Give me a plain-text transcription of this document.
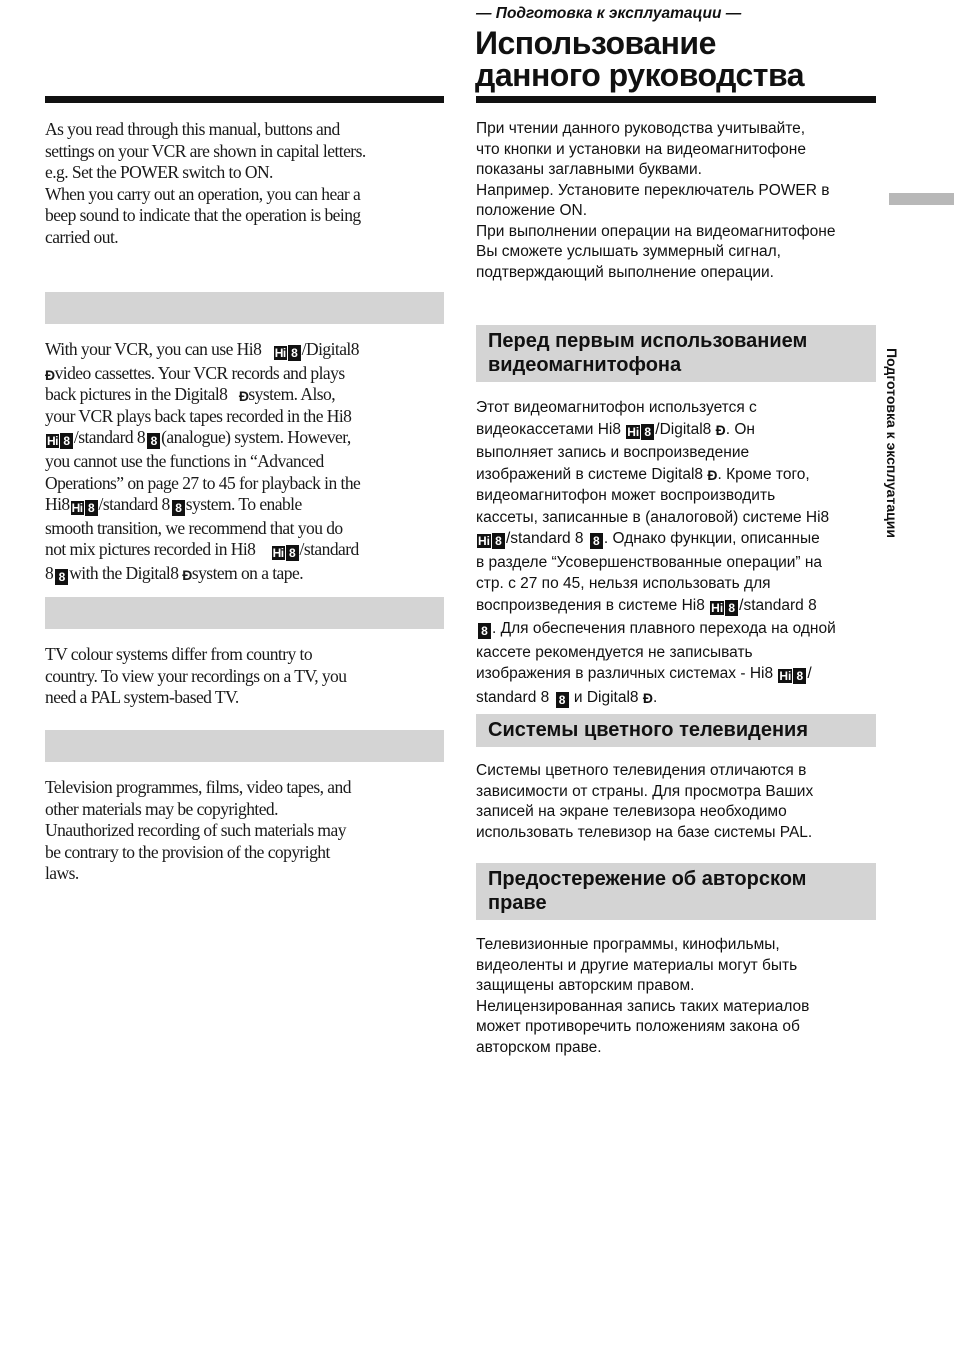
— Подготовка к эксплуатации —
Использование
данного руководства
Подготовка к эксплуатации

As you read through this manual, buttons and

settings on your VCR are shown in capital letters.

e.g. Set the POWER switch to ON.

When you carry out an operation, you can hear a

beep sound to indicate that the operation is being

carried out.

With your VCR, you can use Hi8 Hi 8 /Digital8

Ðvideo cassettes. Your VCR records and plays

back pictures in the Digital8 Ðsystem. Also,

your VCR plays back tapes recorded in the Hi8

Hi 8 /standard 8 8 (analogue) system. However,

you cannot use the functions in “Advanced

Operations” on page 27 to 45 for playback in the

Hi8 Hi 8 /standard 8 8 system. To enable

smooth transition, we recommend that you do

not mix pictures recorded in Hi8 Hi 8 /standard

8 8 with the Digital8 Ðsystem on a tape.

TV colour systems differ from country to

country. To view your recordings on a TV, you

need a PAL system-based TV.

Television programmes, films, video tapes, and

other materials may be copyrighted.

Unauthorized recording of such materials may

be contrary to the provision of the copyright

laws.

При чтении данного руководства учитывайте,

что кнопки и установки на видеомагнитофоне

показаны заглавными буквами.

Например. Установите переключатель POWER в

положение ON.

При выполнении операции на видеомагнитофоне

Вы сможете услышать зуммерный сигнал,

подтверждающий выполнение операции.

Перед первым использованием
видеомагнитофона

Этот видеомагнитофон используется с

видеокассетами Hi8 Hi 8 /Digital8 Ð. Он

выполняет запись и воспроизведение

изображений в системе Digital8 Ð. Кроме того,

видеомагнитофон может воспроизводить

кассеты, записанные в (аналоговой) системе Hi8

Hi 8 /standard 8 8 . Однако функции, описанные

в разделе “Усовершенствованные операции” на

стр. с 27 по 45, нельзя использовать для

воспроизведения в системе Hi8 Hi 8 /standard 8

8 . Для обеспечения плавного перехода на одной

кассете рекомендуется не записывать

изображения в различных системах - Hi8 Hi 8 /

standard 8 8 и Digital8 Ð.

Системы цветного телевидения

Системы цветного телевидения отличаются в

зависимости от страны. Для просмотра Ваших

записей на экране телевизора необходимо

использовать телевизор на базе системы PAL.

Предостережение об авторском
праве

Телевизионные программы, кинофильмы,

видеоленты и другие материалы могут быть

защищены авторским правом.

Нелицензированная запись таких материалов

может противоречить положениям закона об

авторском праве.
